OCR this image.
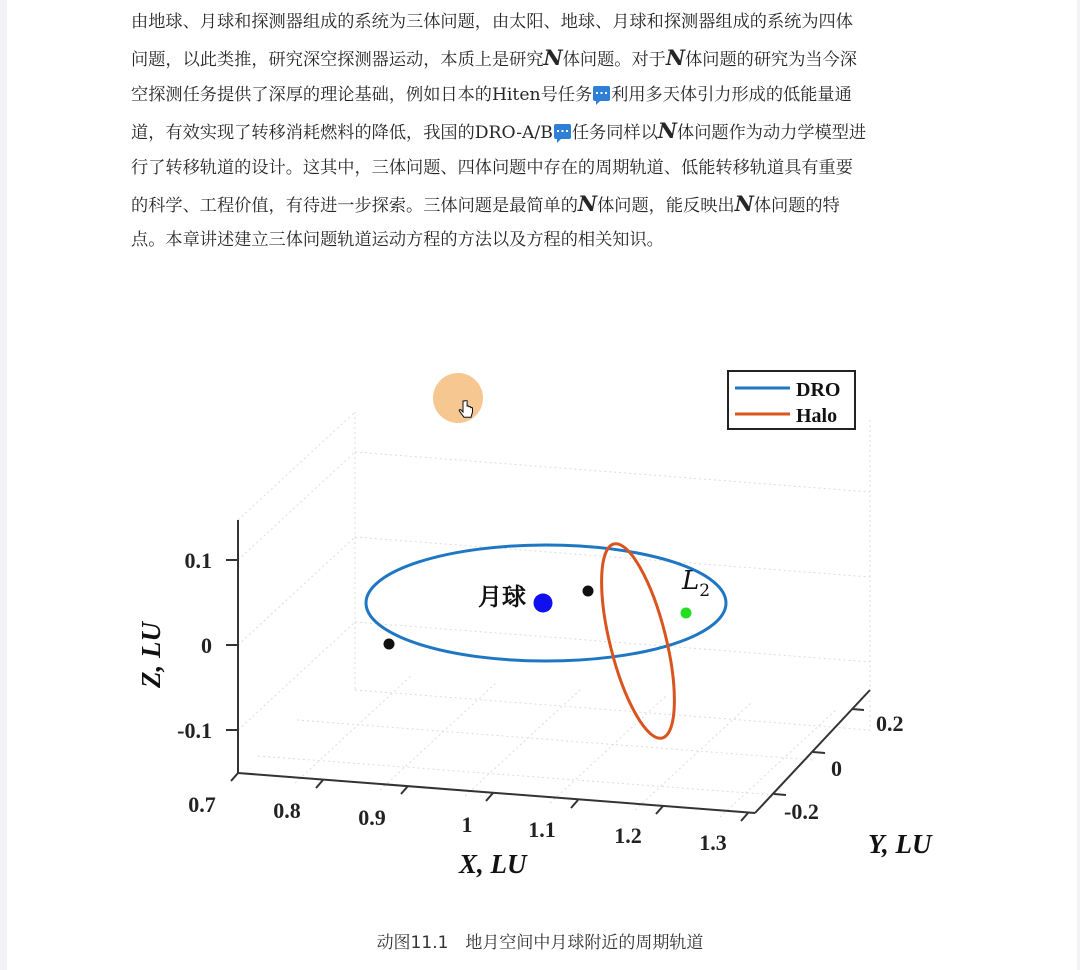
由地球、月球和探测器组成的系统为三体问题，由太阳、地球、月球和探测器组成的系统为四体
问题，以此类推，研究深空探测器运动，本质上是研究N体问题。对于N体问题的研究为当今深
空探测任务提供了深厚的理论基础，例如日本的Hiten号任务 利用多天体引力形成的低能量通
道，有效实现了转移消耗燃料的降低，我国的DRO-A/B 任务同样以N体问题作为动力学模型进
行了转移轨道的设计。这其中，三体问题、四体问题中存在的周期轨道、低能转移轨道具有重要
的科学、工程价值，有待进一步探索。三体问题是最简单的N体问题，能反映出N体问题的特
点。本章讲述建立三体问题轨道运动方程的方法以及方程的相关知识。
月球
$L_2$
0.1
0
-0.1
0.7	0.8	0.9	1	1.1	1.2	1.3
0.2
0
-0.2
X, LU
Y, LU
Z, LU
DRO
Halo
动图11.1　地月空间中月球附近的周期轨道
